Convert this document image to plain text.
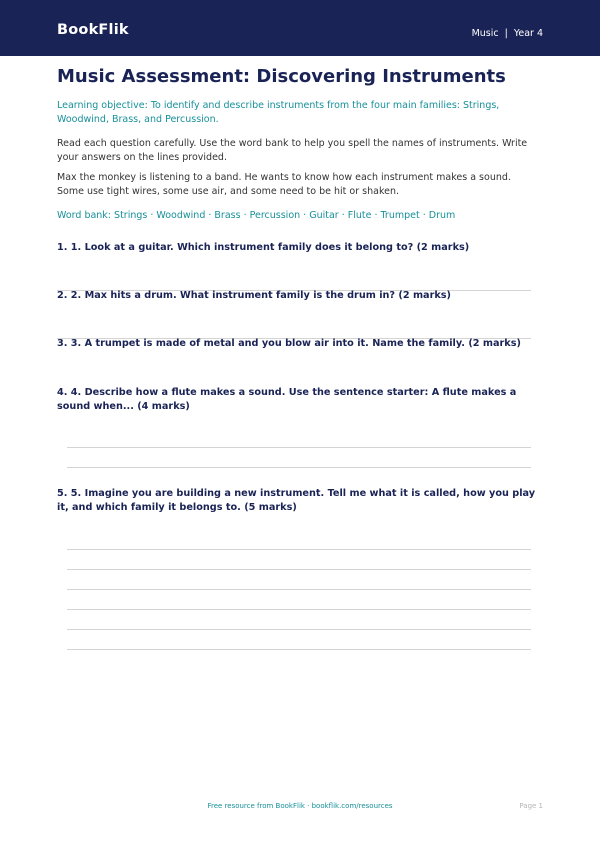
BookFlik	Music | Year 4
Music Assessment: Discovering Instruments

Learning objective: To identify and describe instruments from the four main families: Strings, Woodwind, Brass, and Percussion.

Read each question carefully. Use the word bank to help you spell the names of instruments. Write your answers on the lines provided.

Max the monkey is listening to a band. He wants to know how each instrument makes a sound. Some use tight wires, some use air, and some need to be hit or shaken.

Word bank: Strings · Woodwind · Brass · Percussion · Guitar · Flute · Trumpet · Drum

1. 1. Look at a guitar. Which instrument family does it belong to? (2 marks)

2. 2. Max hits a drum. What instrument family is the drum in? (2 marks)

3. 3. A trumpet is made of metal and you blow air into it. Name the family. (2 marks)

4. 4. Describe how a flute makes a sound. Use the sentence starter: A flute makes a sound when... (4 marks)

5. 5. Imagine you are building a new instrument. Tell me what it is called, how you play it, and which family it belongs to. (5 marks)

Free resource from BookFlik · bookflik.com/resources	Page 1
